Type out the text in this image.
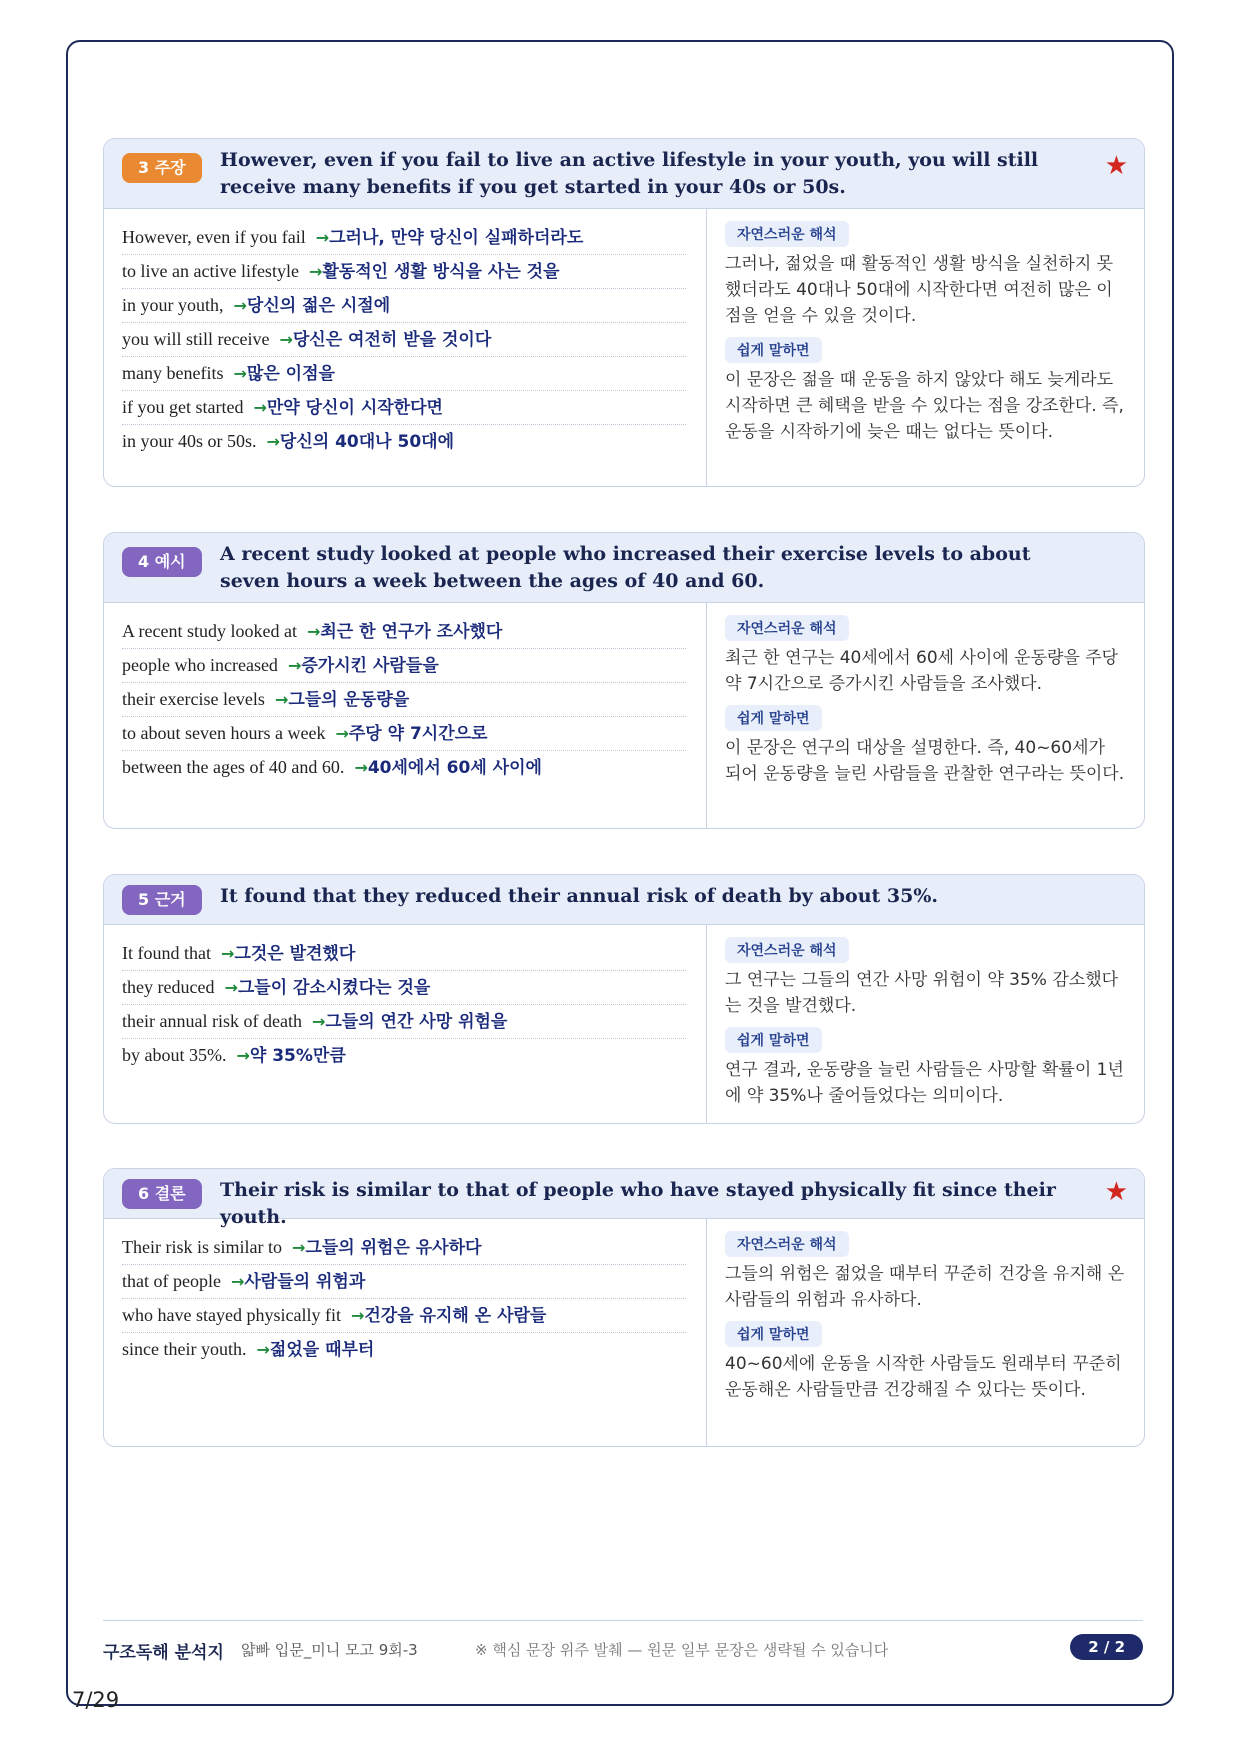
3 주장	However, even if you fail to live an active lifestyle in your youth, you will still receive many benefits if you get started in your 40s or 50s.
★
However, even if you fail →그러나, 만약 당신이 실패하더라도
to live an active lifestyle →활동적인 생활 방식을 사는 것을
in your youth, →당신의 젊은 시절에
you will still receive →당신은 여전히 받을 것이다
many benefits →많은 이점을
if you get started →만약 당신이 시작한다면
in your 40s or 50s. →당신의 40대나 50대에
자연스러운 해석
그러나, 젊었을 때 활동적인 생활 방식을 실천하지 못했더라도 40대나 50대에 시작한다면 여전히 많은 이점을 얻을 수 있을 것이다.
쉽게 말하면
이 문장은 젊을 때 운동을 하지 않았다 해도 늦게라도 시작하면 큰 혜택을 받을 수 있다는 점을 강조한다. 즉, 운동을 시작하기에 늦은 때는 없다는 뜻이다.
4 예시	A recent study looked at people who increased their exercise levels to about seven hours a week between the ages of 40 and 60.
A recent study looked at →최근 한 연구가 조사했다
people who increased →증가시킨 사람들을
their exercise levels →그들의 운동량을
to about seven hours a week →주당 약 7시간으로
between the ages of 40 and 60. →40세에서 60세 사이에
자연스러운 해석
최근 한 연구는 40세에서 60세 사이에 운동량을 주당 약 7시간으로 증가시킨 사람들을 조사했다.
쉽게 말하면
이 문장은 연구의 대상을 설명한다. 즉, 40~60세가 되어 운동량을 늘린 사람들을 관찰한 연구라는 뜻이다.
5 근거	It found that they reduced their annual risk of death by about 35%.
It found that →그것은 발견했다
they reduced →그들이 감소시켰다는 것을
their annual risk of death →그들의 연간 사망 위험을
by about 35%. →약 35%만큼
자연스러운 해석
그 연구는 그들의 연간 사망 위험이 약 35% 감소했다는 것을 발견했다.
쉽게 말하면
연구 결과, 운동량을 늘린 사람들은 사망할 확률이 1년에 약 35%나 줄어들었다는 의미이다.
6 결론	Their risk is similar to that of people who have stayed physically fit since their youth.
★
Their risk is similar to →그들의 위험은 유사하다
that of people →사람들의 위험과
who have stayed physically fit →건강을 유지해 온 사람들
since their youth. →젊었을 때부터
자연스러운 해석
그들의 위험은 젊었을 때부터 꾸준히 건강을 유지해 온 사람들의 위험과 유사하다.
쉽게 말하면
40~60세에 운동을 시작한 사람들도 원래부터 꾸준히 운동해온 사람들만큼 건강해질 수 있다는 뜻이다.
구조독해 분석지 얇빠 입문_미니 모고 9회-3	※ 핵심 문장 위주 발췌 — 원문 일부 문장은 생략될 수 있습니다	2 / 2
7/29
